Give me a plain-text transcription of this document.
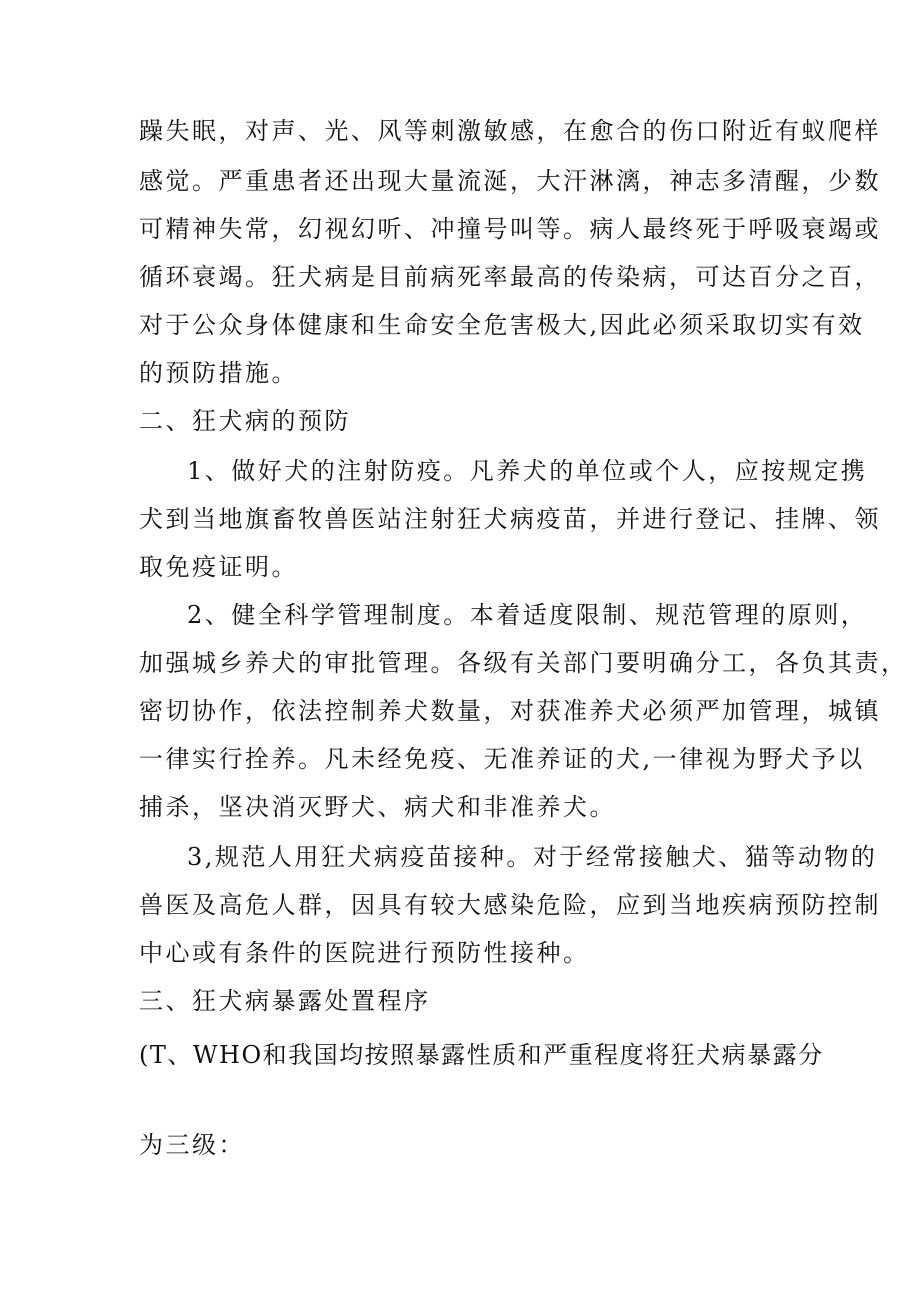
躁失眠，对声、光、风等刺激敏感，在愈合的伤口附近有蚁爬样
感觉。严重患者还出现大量流涎，大汗淋漓，神志多清醒，少数
可精神失常，幻视幻听、冲撞号叫等。病人最终死于呼吸衰竭或
循环衰竭。狂犬病是目前病死率最高的传染病，可达百分之百，
对于公众身体健康和生命安全危害极大,因此必须采取切实有效
的预防措施。
二、狂犬病的预防
1、做好犬的注射防疫。凡养犬的单位或个人，应按规定携
犬到当地旗畜牧兽医站注射狂犬病疫苗，并进行登记、挂牌、领
取免疫证明。
2、健全科学管理制度。本着适度限制、规范管理的原则，
加强城乡养犬的审批管理。各级有关部门要明确分工，各负其责，
密切协作，依法控制养犬数量，对获准养犬必须严加管理，城镇
一律实行拴养。凡未经免疫、无准养证的犬,一律视为野犬予以
捕杀，坚决消灭野犬、病犬和非准养犬。
3,规范人用狂犬病疫苗接种。对于经常接触犬、猫等动物的
兽医及高危人群，因具有较大感染危险，应到当地疾病预防控制
中心或有条件的医院进行预防性接种。
三、狂犬病暴露处置程序
(T、WHO和我国均按照暴露性质和严重程度将狂犬病暴露分
为三级：
